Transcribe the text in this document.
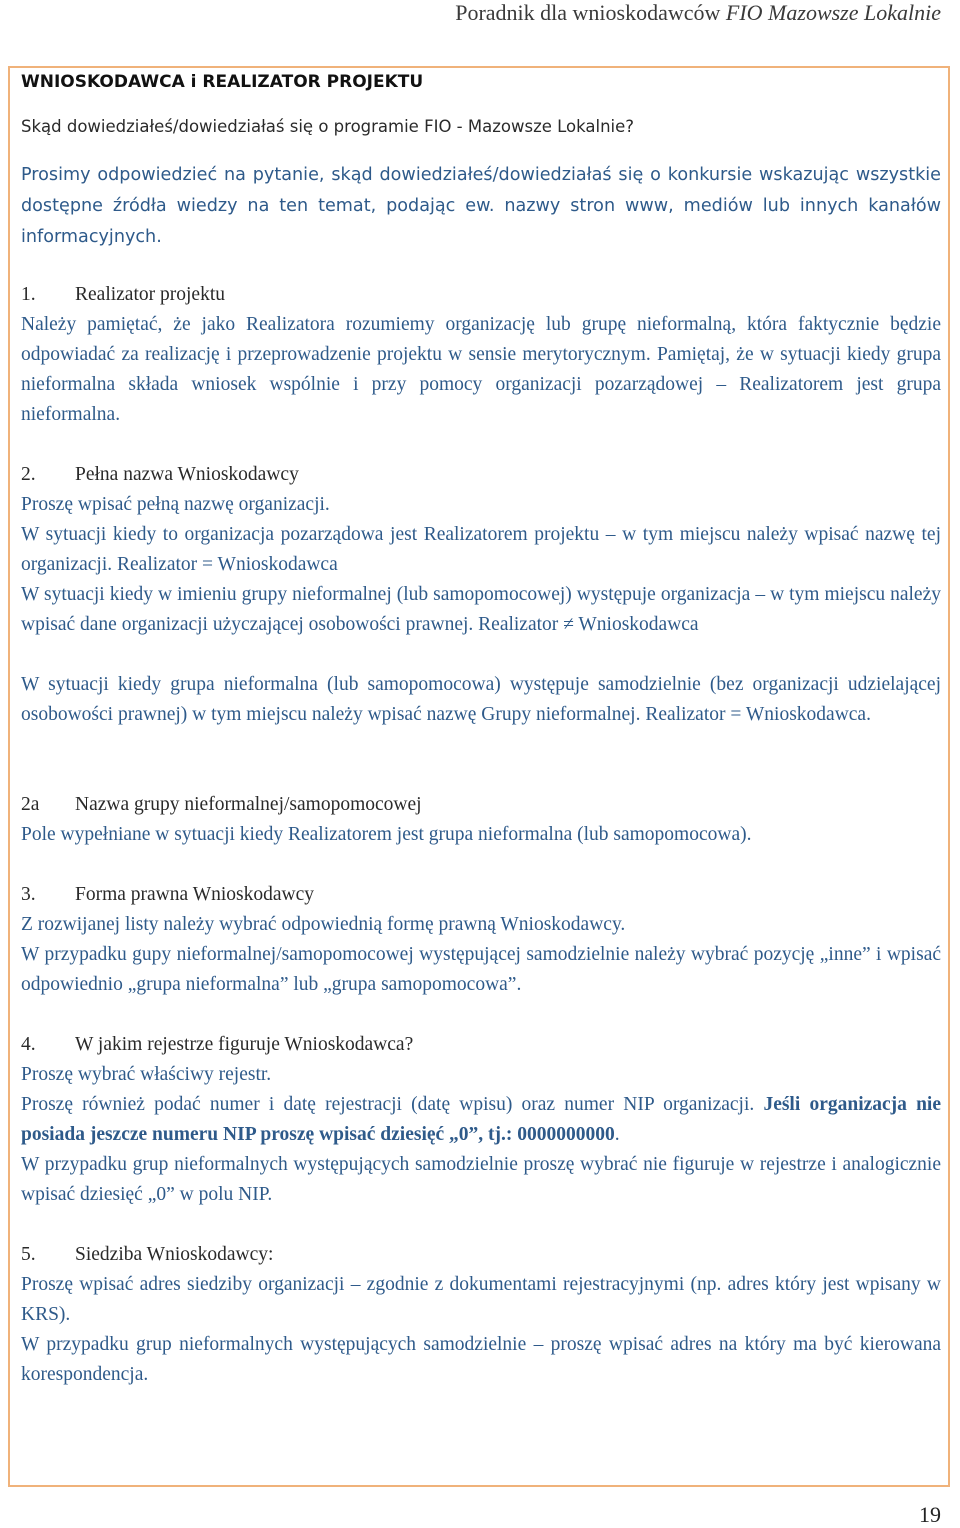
Poradnik dla wnioskodawców FIO Mazowsze Lokalnie
WNIOSKODAWCA i REALIZATOR PROJEKTU

Skąd dowiedziałeś/dowiedziałaś się o programie FIO - Mazowsze Lokalnie?

Prosimy odpowiedzieć na pytanie, skąd dowiedziałeś/dowiedziałaś się o konkursie wskazując wszystkie dostępne źródła wiedzy na ten temat, podając ew. nazwy stron www, mediów lub innych kanałów informacyjnych.

1. Realizator projektu

Należy pamiętać, że jako Realizatora rozumiemy organizację lub grupę nieformalną, która faktycznie będzie odpowiadać za realizację i przeprowadzenie projektu w sensie merytorycznym. Pamiętaj, że w sytuacji kiedy grupa nieformalna składa wniosek wspólnie i przy pomocy organizacji pozarządowej – Realizatorem jest grupa nieformalna.

2. Pełna nazwa Wnioskodawcy

Proszę wpisać pełną nazwę organizacji.

W sytuacji kiedy to organizacja pozarządowa jest Realizatorem projektu – w tym miejscu należy wpisać nazwę tej organizacji. Realizator = Wnioskodawca

W sytuacji kiedy w imieniu grupy nieformalnej (lub samopomocowej) występuje organizacja – w tym miejscu należy wpisać dane organizacji użyczającej osobowości prawnej. Realizator ≠ Wnioskodawca

W sytuacji kiedy grupa nieformalna (lub samopomocowa) występuje samodzielnie (bez organizacji udzielającej osobowości prawnej) w tym miejscu należy wpisać nazwę Grupy nieformalnej. Realizator = Wnioskodawca.

2a Nazwa grupy nieformalnej/samopomocowej

Pole wypełniane w sytuacji kiedy Realizatorem jest grupa nieformalna (lub samopomocowa).

3. Forma prawna Wnioskodawcy

Z rozwijanej listy należy wybrać odpowiednią formę prawną Wnioskodawcy.

W przypadku gupy nieformalnej/samopomocowej występującej samodzielnie należy wybrać pozycję „inne” i wpisać odpowiednio „grupa nieformalna” lub „grupa samopomocowa”.

4. W jakim rejestrze figuruje Wnioskodawca?

Proszę wybrać właściwy rejestr.

Proszę również podać numer i datę rejestracji (datę wpisu) oraz numer NIP organizacji. Jeśli organizacja nie posiada jeszcze numeru NIP proszę wpisać dziesięć „0”, tj.: 0000000000.

W przypadku grup nieformalnych występujących samodzielnie proszę wybrać nie figuruje w rejestrze i analogicznie wpisać dziesięć „0” w polu NIP.

5. Siedziba Wnioskodawcy:

Proszę wpisać adres siedziby organizacji – zgodnie z dokumentami rejestracyjnymi (np. adres który jest wpisany w KRS).

W przypadku grup nieformalnych występujących samodzielnie – proszę wpisać adres na który ma być kierowana korespondencja.

19
